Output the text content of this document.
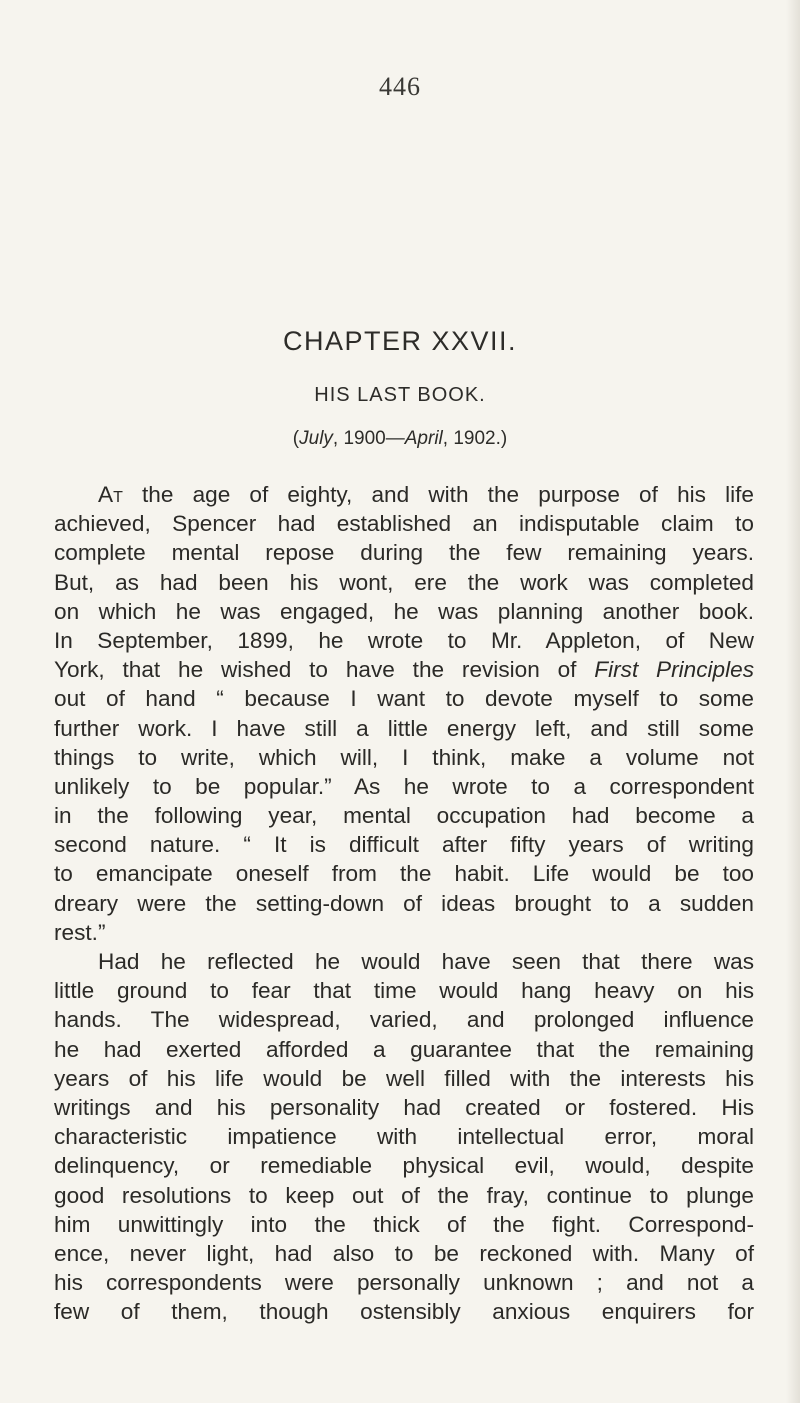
446
CHAPTER XXVII.
HIS LAST BOOK.
(July, 1900—April, 1902.)
At the age of eighty, and with the purpose of his life
achieved, Spencer had established an indisputable claim to
complete mental repose during the few remaining years.
But, as had been his wont, ere the work was completed
on which he was engaged, he was planning another book.
In September, 1899, he wrote to Mr. Appleton, of New
York, that he wished to have the revision of First Principles
out of hand “ because I want to devote myself to some
further work. I have still a little energy left, and still some
things to write, which will, I think, make a volume not
unlikely to be popular.” As he wrote to a correspondent
in the following year, mental occupation had become a
second nature. “ It is difficult after fifty years of writing
to emancipate oneself from the habit. Life would be too
dreary were the setting-down of ideas brought to a sudden
rest.”
Had he reflected he would have seen that there was
little ground to fear that time would hang heavy on his
hands. The widespread, varied, and prolonged influence
he had exerted afforded a guarantee that the remaining
years of his life would be well filled with the interests his
writings and his personality had created or fostered. His
characteristic impatience with intellectual error, moral
delinquency, or remediable physical evil, would, despite
good resolutions to keep out of the fray, continue to plunge
him unwittingly into the thick of the fight. Correspond-
ence, never light, had also to be reckoned with. Many of
his correspondents were personally unknown ; and not a
few of them, though ostensibly anxious enquirers for
